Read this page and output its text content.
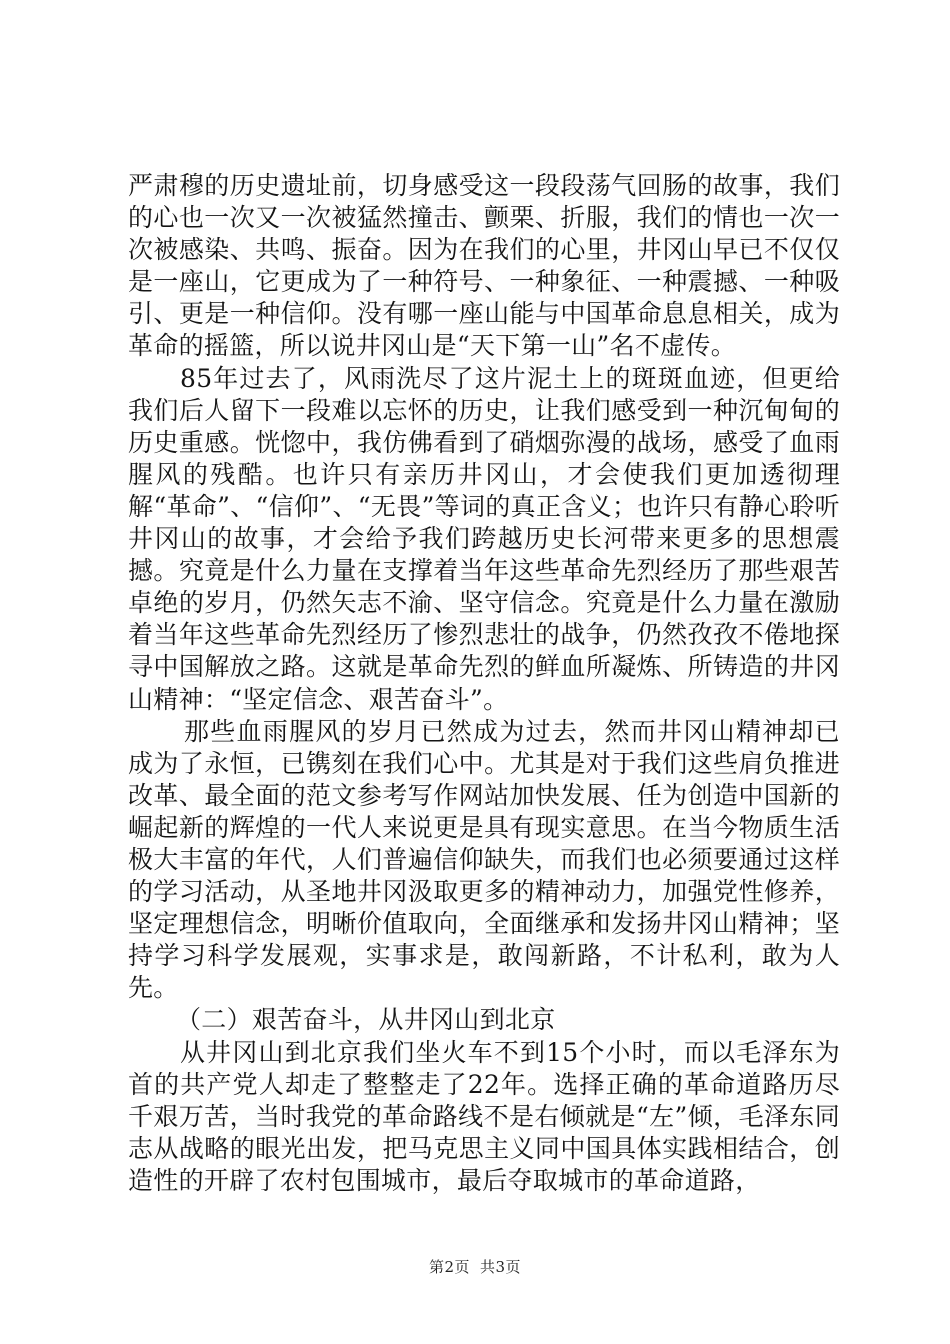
严肃穆的历史遗址前，切身感受这一段段荡气回肠的故事，我们的心也一次又一次被猛然撞击、颤栗、折服，我们的情也一次一次被感染、共鸣、振奋。因为在我们的心里，井冈山早已不仅仅是一座山，它更成为了一种符号、一种象征、一种震撼、一种吸引、更是一种信仰。没有哪一座山能与中国革命息息相关，成为革命的摇篮，所以说井冈山是“天下第一山”名不虚传。

85年过去了，风雨洗尽了这片泥土上的斑斑血迹，但更给我们后人留下一段难以忘怀的历史，让我们感受到一种沉甸甸的历史重感。恍惚中，我仿佛看到了硝烟弥漫的战场，感受了血雨腥风的残酷。也许只有亲历井冈山，才会使我们更加透彻理解“革命”、“信仰”、“无畏”等词的真正含义；也许只有静心聆听井冈山的故事，才会给予我们跨越历史长河带来更多的思想震撼。究竟是什么力量在支撑着当年这些革命先烈经历了那些艰苦卓绝的岁月，仍然矢志不渝、坚守信念。究竟是什么力量在激励着当年这些革命先烈经历了惨烈悲壮的战争，仍然孜孜不倦地探寻中国解放之路。这就是革命先烈的鲜血所凝炼、所铸造的井冈山精神：“坚定信念、艰苦奋斗”。

那些血雨腥风的岁月已然成为过去，然而井冈山精神却已成为了永恒，已镌刻在我们心中。尤其是对于我们这些肩负推进改革、最全面的范文参考写作网站加快发展、任为创造中国新的崛起新的辉煌的一代人来说更是具有现实意思。在当今物质生活极大丰富的年代，人们普遍信仰缺失，而我们也必须要通过这样的学习活动，从圣地井冈汲取更多的精神动力，加强党性修养，坚定理想信念，明晰价值取向，全面继承和发扬井冈山精神；坚持学习科学发展观，实事求是，敢闯新路，不计私利，敢为人先。

（二）艰苦奋斗，从井冈山到北京

从井冈山到北京我们坐火车不到15个小时，而以毛泽东为首的共产党人却走了整整走了22年。选择正确的革命道路历尽千艰万苦，当时我党的革命路线不是右倾就是“左”倾，毛泽东同志从战略的眼光出发，把马克思主义同中国具体实践相结合，创造性的开辟了农村包围城市，最后夺取城市的革命道路，

第2页 共3页
